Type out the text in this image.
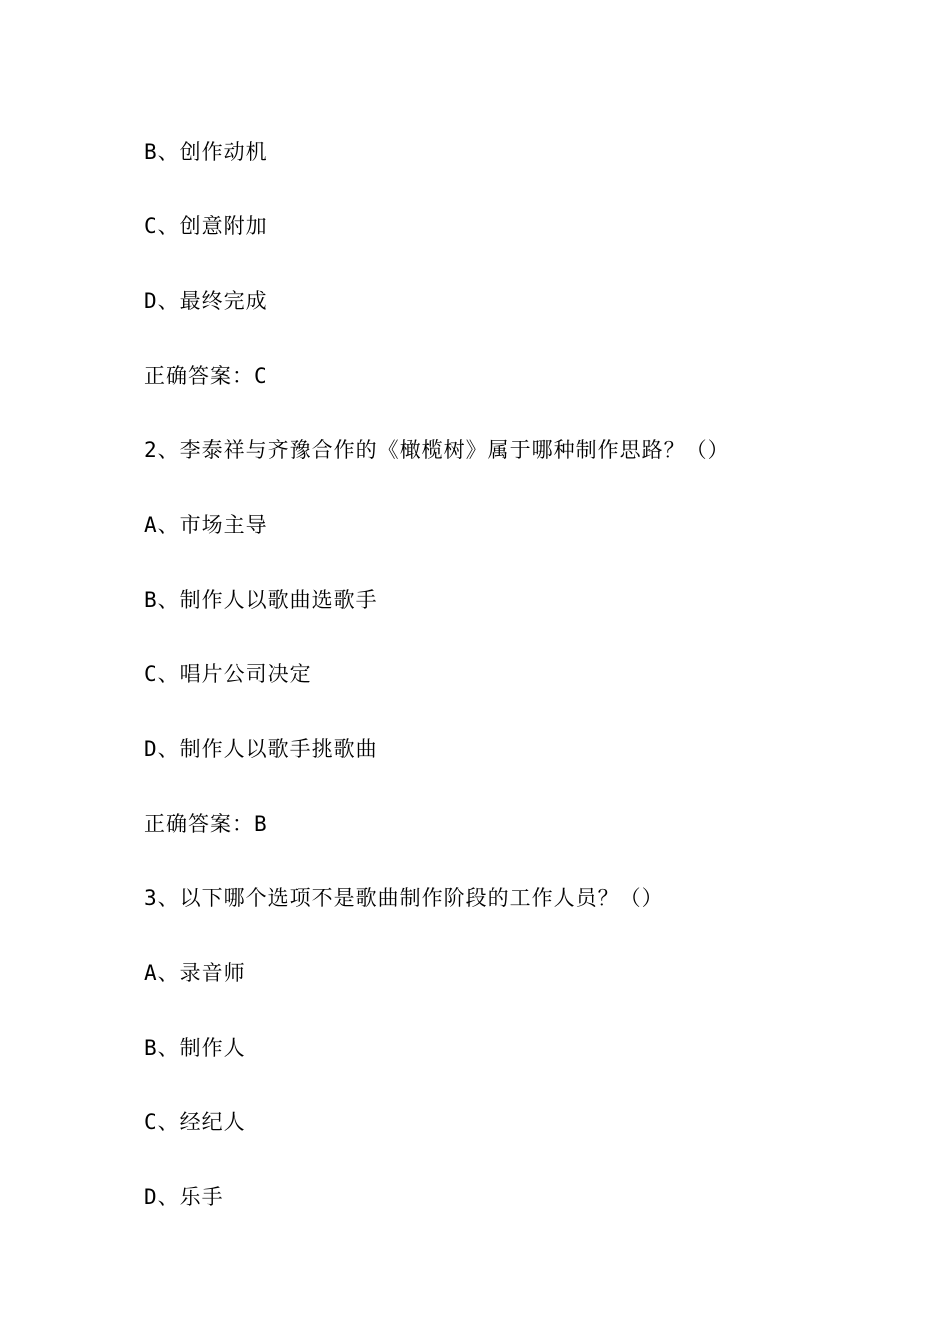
B、创作动机
C、创意附加
D、最终完成
正确答案：C
2、李泰祥与齐豫合作的《橄榄树》属于哪种制作思路？（）
A、市场主导
B、制作人以歌曲选歌手
C、唱片公司决定
D、制作人以歌手挑歌曲
正确答案：B
3、以下哪个选项不是歌曲制作阶段的工作人员？（）
A、录音师
B、制作人
C、经纪人
D、乐手
